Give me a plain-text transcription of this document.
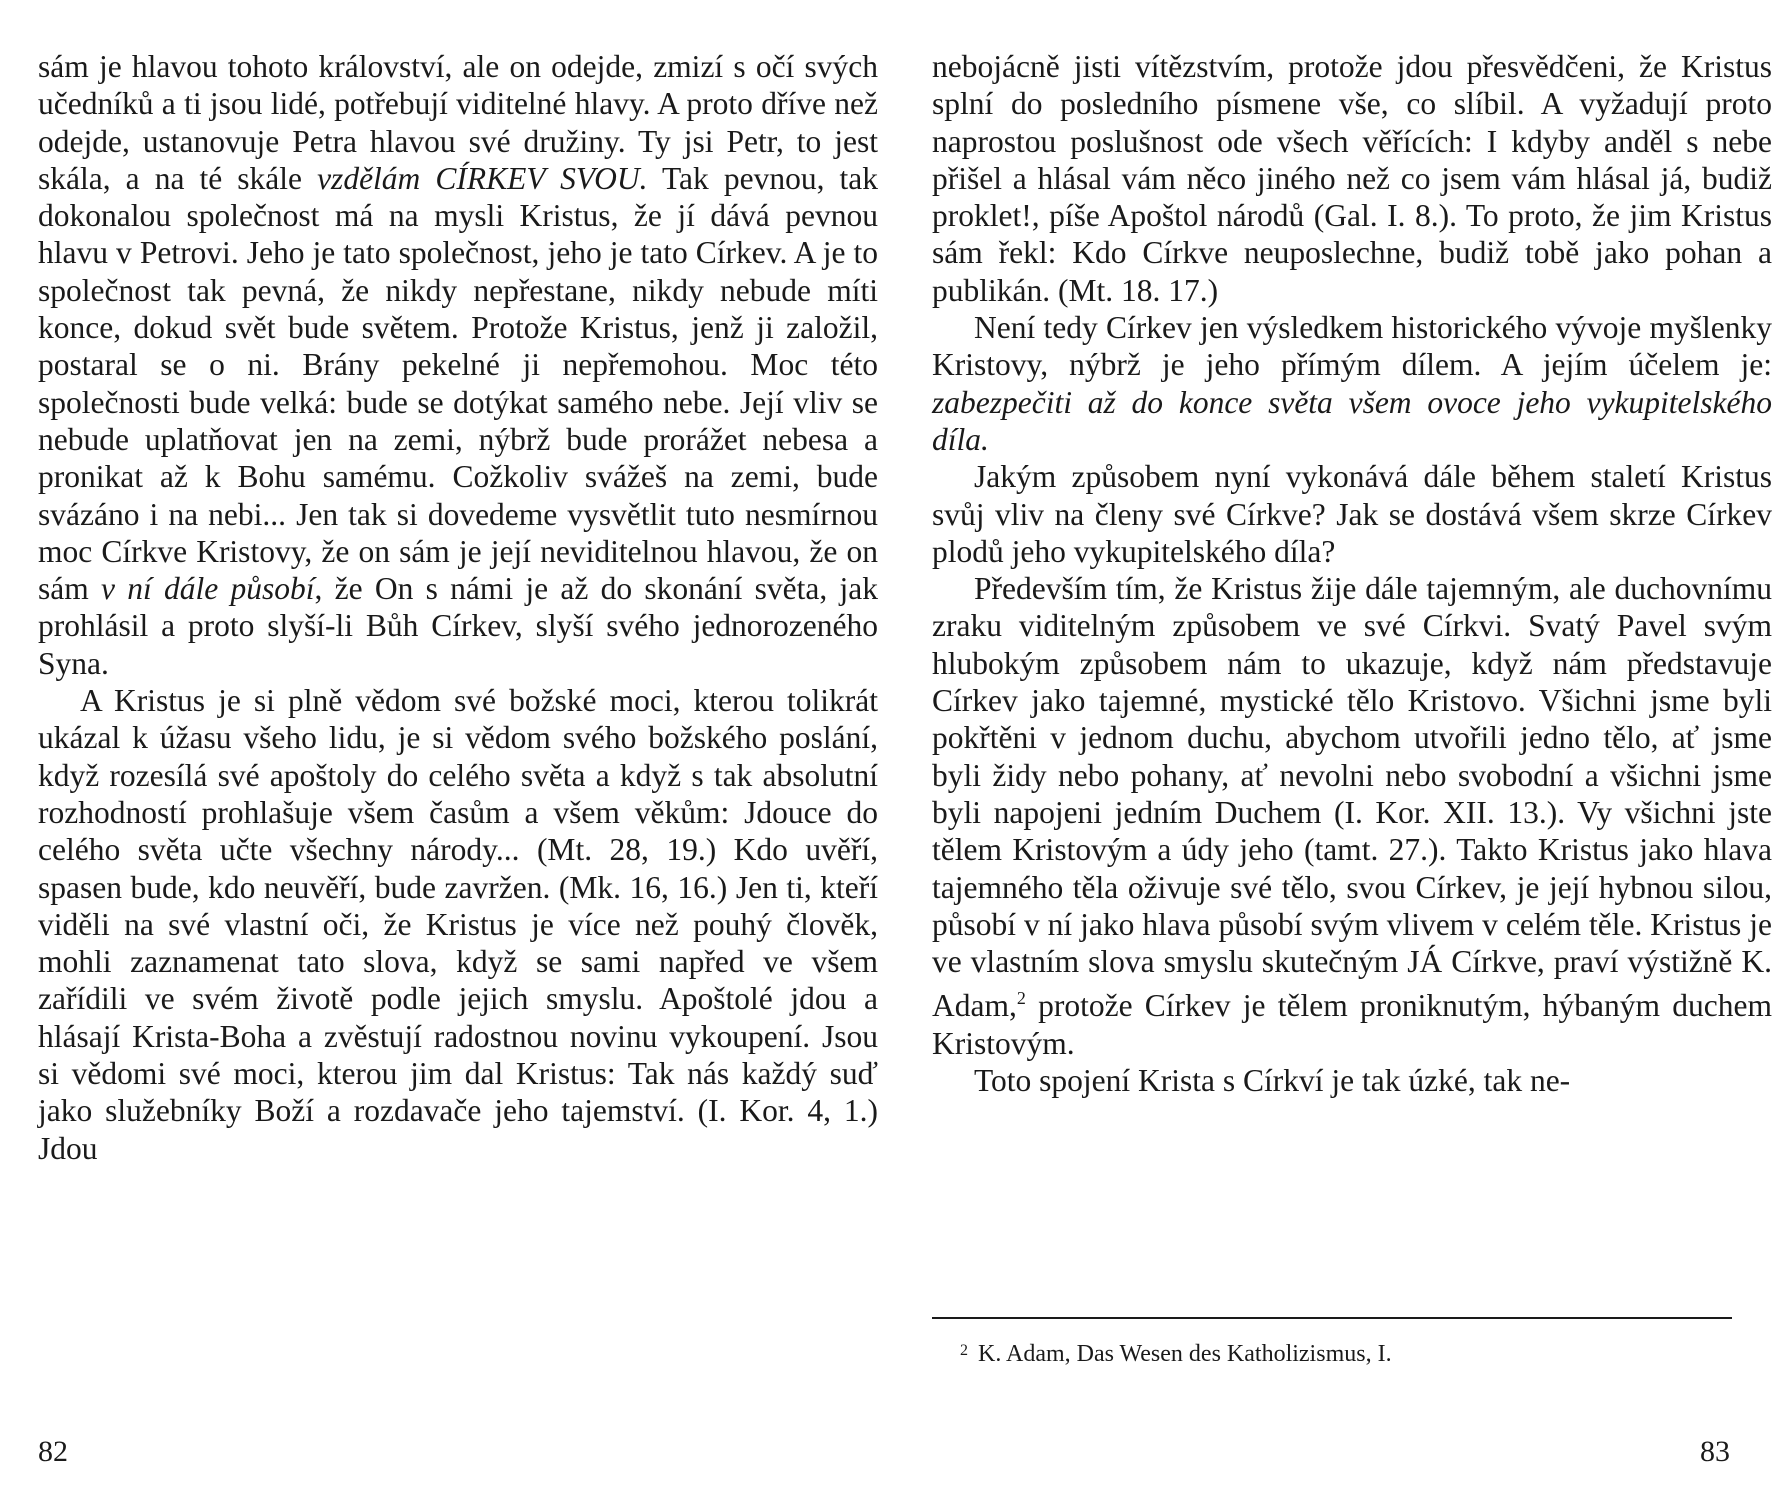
sám je hlavou tohoto království, ale on odejde, zmizí s očí svých učedníků a ti jsou lidé, potřebují viditelné hlavy. A proto dříve než odejde, ustanovuje Petra hlavou své družiny. Ty jsi Petr, to jest skála, a na té skále vzdělám CÍRKEV SVOU. Tak pevnou, tak dokonalou společnost má na mysli Kristus, že jí dává pevnou hlavu v Petrovi. Jeho je tato společnost, jeho je tato Církev. A je to společnost tak pevná, že nikdy nepřestane, nikdy nebude míti konce, dokud svět bude světem. Protože Kristus, jenž ji založil, postaral se o ni. Brány pekelné ji nepřemohou. Moc této společnosti bude velká: bude se dotýkat samého nebe. Její vliv se nebude uplatňovat jen na zemi, nýbrž bude prorážet nebesa a pronikat až k Bohu samému. Cožkoliv svážeš na zemi, bude svázáno i na nebi... Jen tak si dovedeme vysvětlit tuto nesmírnou moc Církve Kristovy, že on sám je její neviditelnou hlavou, že on sám v ní dále působí, že On s námi je až do skonání světa, jak prohlásil a proto slyší-li Bůh Církev, slyší svého jednorozeného Syna.

A Kristus je si plně vědom své božské moci, kterou tolikrát ukázal k úžasu všeho lidu, je si vědom svého božského poslání, když rozesílá své apoštoly do celého světa a když s tak absolutní rozhodností prohlašuje všem časům a všem věkům: Jdouce do celého světa učte všechny národy... (Mt. 28, 19.) Kdo uvěří, spasen bude, kdo neuvěří, bude zavržen. (Mk. 16, 16.) Jen ti, kteří viděli na své vlastní oči, že Kristus je více než pouhý člověk, mohli zaznamenat tato slova, když se sami napřed ve všem zařídili ve svém životě podle jejich smyslu. Apoštolé jdou a hlásají Krista-Boha a zvěstují radostnou novinu vykoupení. Jsou si vědomi své moci, kterou jim dal Kristus: Tak nás každý suď jako služebníky Boží a rozdavače jeho tajemství. (I. Kor. 4, 1.) Jdou

nebojácně jisti vítězstvím, protože jdou přesvědčeni, že Kristus splní do posledního písmene vše, co slíbil. A vyžadují proto naprostou poslušnost ode všech věřících: I kdyby anděl s nebe přišel a hlásal vám něco jiného než co jsem vám hlásal já, budiž proklet!, píše Apoštol národů (Gal. I. 8.). To proto, že jim Kristus sám řekl: Kdo Církve neuposlechne, budiž tobě jako pohan a publikán. (Mt. 18. 17.)

Není tedy Církev jen výsledkem historického vývoje myšlenky Kristovy, nýbrž je jeho přímým dílem. A jejím účelem je: zabezpečiti až do konce světa všem ovoce jeho vykupitelského díla.

Jakým způsobem nyní vykonává dále během staletí Kristus svůj vliv na členy své Církve? Jak se dostává všem skrze Církev plodů jeho vykupitelského díla?

Především tím, že Kristus žije dále tajemným, ale duchovnímu zraku viditelným způsobem ve své Církvi. Svatý Pavel svým hlubokým způsobem nám to ukazuje, když nám představuje Církev jako tajemné, mystické tělo Kristovo. Všichni jsme byli pokřtěni v jednom duchu, abychom utvořili jedno tělo, ať jsme byli židy nebo pohany, ať nevolni nebo svobodní a všichni jsme byli napojeni jedním Duchem (I. Kor. XII. 13.). Vy všichni jste tělem Kristovým a údy jeho (tamt. 27.). Takto Kristus jako hlava tajemného těla oživuje své tělo, svou Církev, je její hybnou silou, působí v ní jako hlava působí svým vlivem v celém těle. Kristus je ve vlastním slova smyslu skutečným JÁ Církve, praví výstižně K. Adam,$^2$ protože Církev je tělem proniknutým, hýbaným duchem Kristovým.

Toto spojení Krista s Církví je tak úzké, tak ne-

$^2$ K. Adam, Das Wesen des Katholizismus, I.
82	83
